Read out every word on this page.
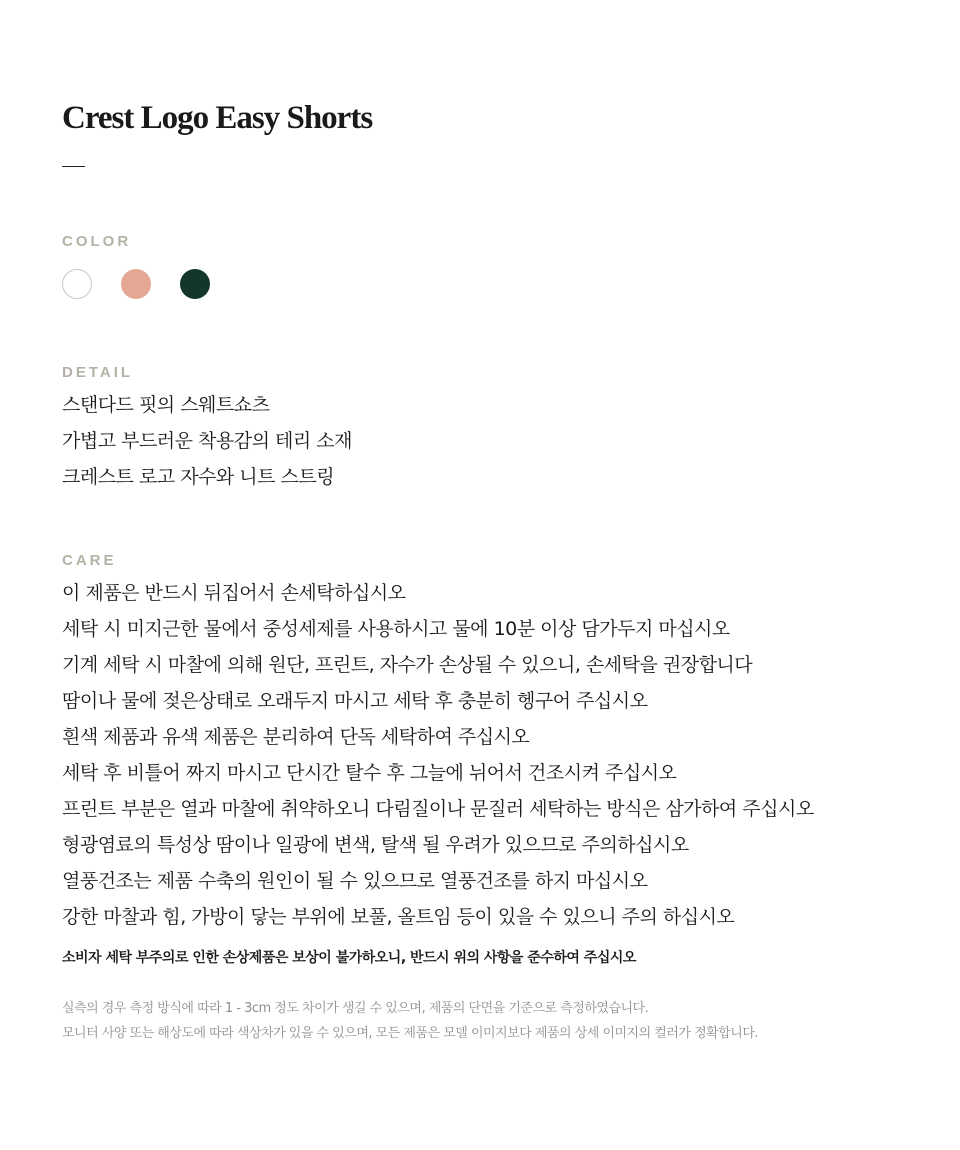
Crest Logo Easy Shorts
COLOR
DETAIL
스탠다드 핏의 스웨트쇼츠
가볍고 부드러운 착용감의 테리 소재
크레스트 로고 자수와 니트 스트링
CARE
이 제품은 반드시 뒤집어서 손세탁하십시오
세탁 시 미지근한 물에서 중성세제를 사용하시고 물에 10분 이상 담가두지 마십시오
기계 세탁 시 마찰에 의해 원단, 프린트, 자수가 손상될 수 있으니, 손세탁을 권장합니다
땀이나 물에 젖은상태로 오래두지 마시고 세탁 후 충분히 헹구어 주십시오
흰색 제품과 유색 제품은 분리하여 단독 세탁하여 주십시오
세탁 후 비틀어 짜지 마시고 단시간 탈수 후 그늘에 뉘어서 건조시켜 주십시오
프린트 부분은 열과 마찰에 취약하오니 다림질이나 문질러 세탁하는 방식은 삼가하여 주십시오
형광염료의 특성상 땀이나 일광에 변색, 탈색 될 우려가 있으므로 주의하십시오
열풍건조는 제품 수축의 원인이 될 수 있으므로 열풍건조를 하지 마십시오
강한 마찰과 힘, 가방이 닿는 부위에 보풀, 올트임 등이 있을 수 있으니 주의 하십시오

소비자 세탁 부주의로 인한 손상제품은 보상이 불가하오니, 반드시 위의 사항을 준수하여 주십시오

실측의 경우 측정 방식에 따라 1 - 3cm 정도 차이가 생길 수 있으며, 제품의 단면을 기준으로 측정하였습니다.
모니터 사양 또는 해상도에 따라 색상차가 있을 수 있으며, 모든 제품은 모델 이미지보다 제품의 상세 이미지의 컬러가 정확합니다.
